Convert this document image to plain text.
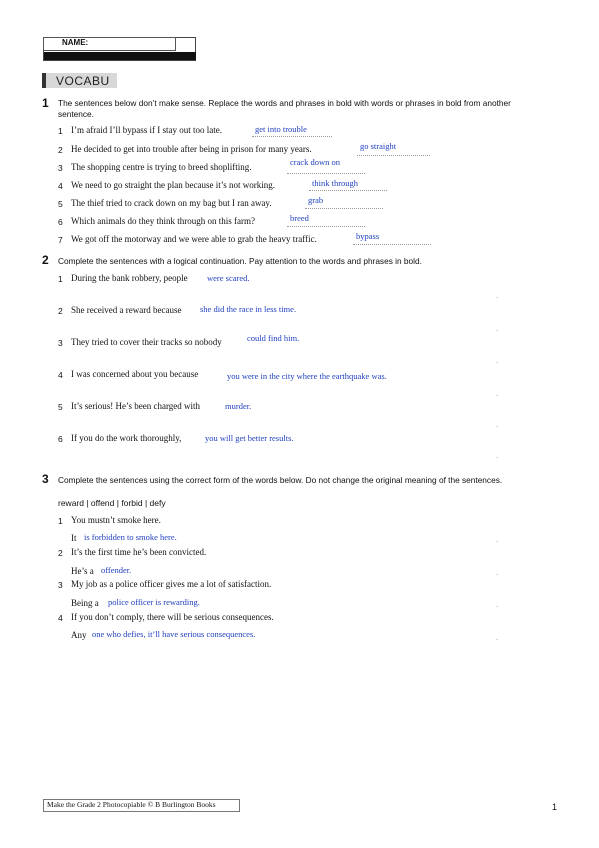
NAME:
VOCABU
1 The sentences below don’t make sense. Replace the words and phrases in bold with words or phrases in bold from another sentence.
1 I’m afraid I’ll bypass if I stay out too late.	get into trouble
2 He decided to get into trouble after being in prison for many years.	go straight
3 The shopping centre is trying to breed shoplifting.	crack down on
4 We need to go straight the plan because it’s not working.	think through
5 The thief tried to crack down on my bag but I ran away.	grab
6 Which animals do they think through on this farm?	breed
7 We got off the motorway and we were able to grab the heavy traffic.	bypass
2 Complete the sentences with a logical continuation. Pay attention to the words and phrases in bold.
1 During the bank robbery, people were scared.
.
2 She received a reward because she did the race in less time.
.
3 They tried to cover their tracks so nobody	could find him.
.
4 I was concerned about you because	you were in the city where the earthquake was.
.
5 It’s serious! He’s been charged with	murder.
.
6 If you do the work thoroughly,	you will get better results.
.
3 Complete the sentences using the correct form of the words below. Do not change the original meaning of the sentences.
reward | offend | forbid | defy
1 You mustn’t smoke here.
It is forbidden to smoke here.	.
2 It’s the first time he’s been convicted.
He’s a offender.	.
3 My job as a police officer gives me a lot of satisfaction.
Being a police officer is rewarding.	.
4 If you don’t comply, there will be serious consequences.
Any one who defies, it’ll have serious consequences.	.
Make the Grade 2 Photocopiable © B Burlington Books	1
